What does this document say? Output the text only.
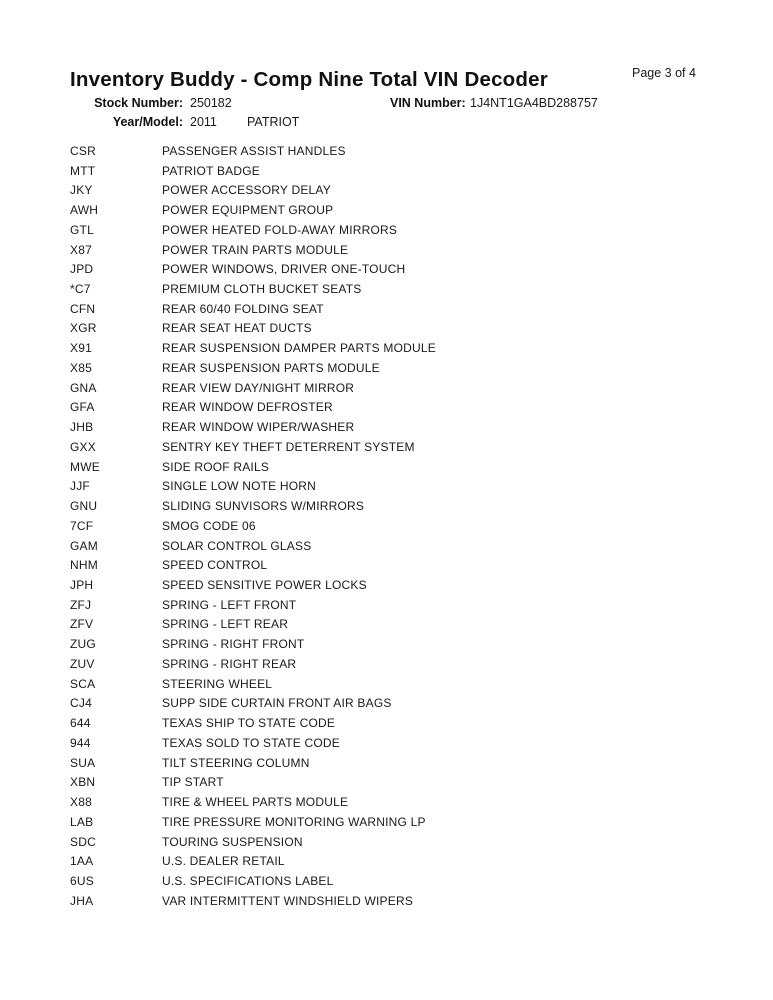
Inventory Buddy - Comp Nine Total VIN Decoder	Page 3 of 4
Stock Number: 250182	VIN Number: 1J4NT1GA4BD288757
Year/Model: 2011 PATRIOT
CSR	PASSENGER ASSIST HANDLES
MTT	PATRIOT BADGE
JKY	POWER ACCESSORY DELAY
AWH	POWER EQUIPMENT GROUP
GTL	POWER HEATED FOLD-AWAY MIRRORS
X87	POWER TRAIN PARTS MODULE
JPD	POWER WINDOWS, DRIVER ONE-TOUCH
*C7	PREMIUM CLOTH BUCKET SEATS
CFN	REAR 60/40 FOLDING SEAT
XGR	REAR SEAT HEAT DUCTS
X91	REAR SUSPENSION DAMPER PARTS MODULE
X85	REAR SUSPENSION PARTS MODULE
GNA	REAR VIEW DAY/NIGHT MIRROR
GFA	REAR WINDOW DEFROSTER
JHB	REAR WINDOW WIPER/WASHER
GXX	SENTRY KEY THEFT DETERRENT SYSTEM
MWE	SIDE ROOF RAILS
JJF	SINGLE LOW NOTE HORN
GNU	SLIDING SUNVISORS W/MIRRORS
7CF	SMOG CODE 06
GAM	SOLAR CONTROL GLASS
NHM	SPEED CONTROL
JPH	SPEED SENSITIVE POWER LOCKS
ZFJ	SPRING - LEFT FRONT
ZFV	SPRING - LEFT REAR
ZUG	SPRING - RIGHT FRONT
ZUV	SPRING - RIGHT REAR
SCA	STEERING WHEEL
CJ4	SUPP SIDE CURTAIN FRONT AIR BAGS
644	TEXAS SHIP TO STATE CODE
944	TEXAS SOLD TO STATE CODE
SUA	TILT STEERING COLUMN
XBN	TIP START
X88	TIRE & WHEEL PARTS MODULE
LAB	TIRE PRESSURE MONITORING WARNING LP
SDC	TOURING SUSPENSION
1AA	U.S. DEALER RETAIL
6US	U.S. SPECIFICATIONS LABEL
JHA	VAR INTERMITTENT WINDSHIELD WIPERS
